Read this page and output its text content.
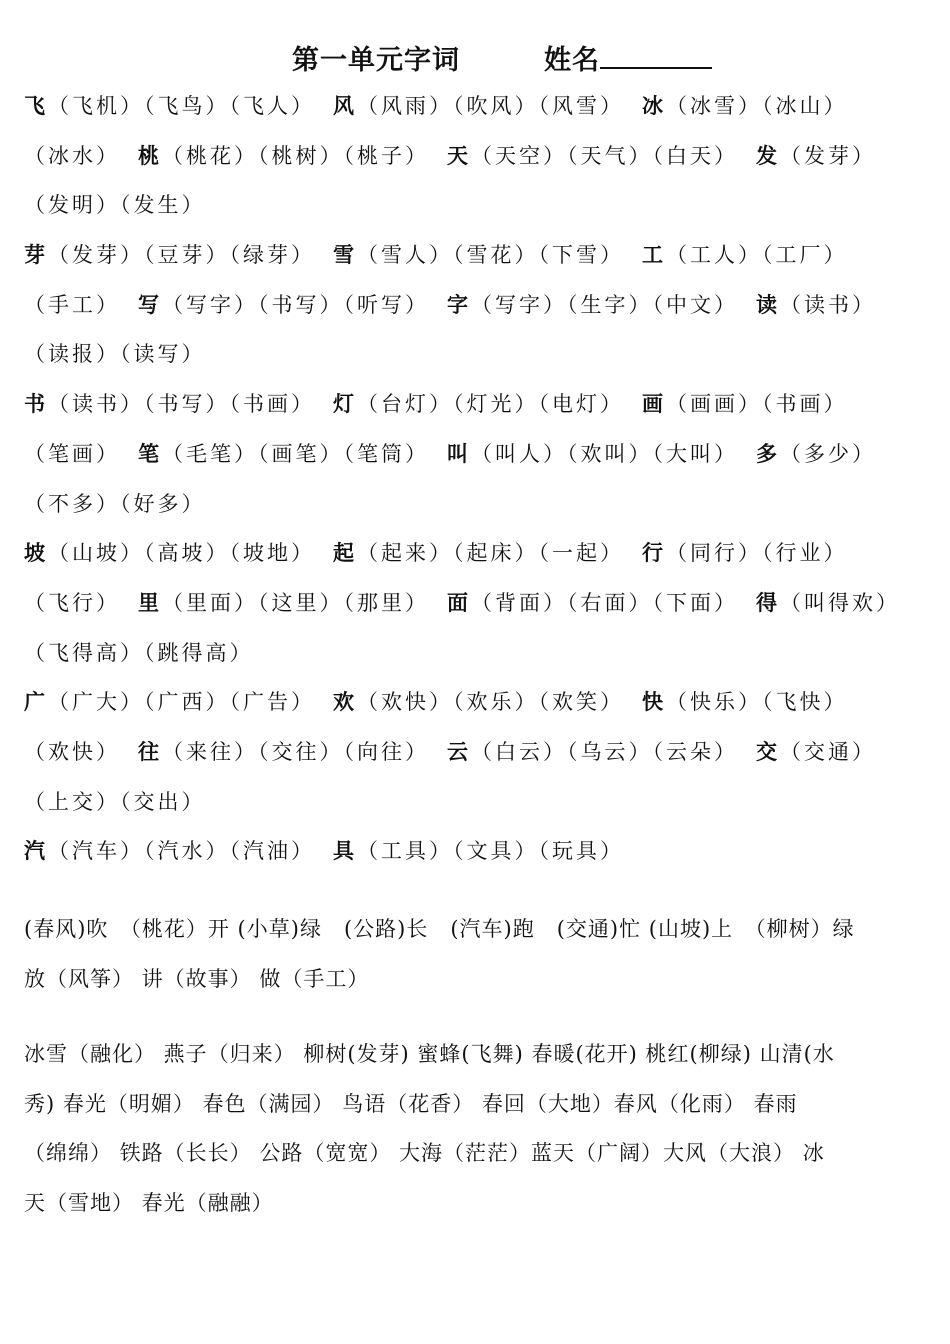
第一单元字词	姓名
飞（飞机）（飞鸟）（飞人） 风（风雨）（吹风）（风雪） 冰（冰雪）（冰山）
（冰水） 桃（桃花）（桃树）（桃子） 天（天空）（天气）（白天） 发（发芽）
（发明）（发生）
芽（发芽）（豆芽）（绿芽） 雪（雪人）（雪花）（下雪） 工（工人）（工厂）
（手工） 写（写字）（书写）（听写） 字（写字）（生字）（中文） 读（读书）
（读报）（读写）
书（读书）（书写）（书画） 灯（台灯）（灯光）（电灯） 画（画画）（书画）
（笔画） 笔（毛笔）（画笔）（笔筒） 叫（叫人）（欢叫）（大叫） 多（多少）
（不多）（好多）
坡（山坡）（高坡）（坡地） 起（起来）（起床）（一起） 行（同行）（行业）
（飞行） 里（里面）（这里）（那里） 面（背面）（右面）（下面） 得（叫得欢）
（飞得高）（跳得高）
广（广大）（广西）（广告） 欢（欢快）（欢乐）（欢笑） 快（快乐）（飞快）
（欢快） 往（来往）（交往）（向往） 云（白云）（乌云）（云朵） 交（交通）
（上交）（交出）
汽（汽车）（汽水）（汽油） 具（工具）（文具）（玩具）
(春风)吹　（桃花）开 (小草)绿　(公路)长　(汽车)跑　(交通)忙 (山坡)上　（柳树）绿
放（风筝） 讲（故事） 做（手工）
冰雪（融化） 燕子（归来） 柳树(发芽) 蜜蜂(飞舞) 春暖(花开) 桃红(柳绿) 山清(水
秀) 春光（明媚） 春色（满园） 鸟语（花香） 春回（大地）春风（化雨） 春雨
（绵绵） 铁路（长长） 公路（宽宽） 大海（茫茫）蓝天（广阔）大风（大浪） 冰
天（雪地） 春光（融融）
